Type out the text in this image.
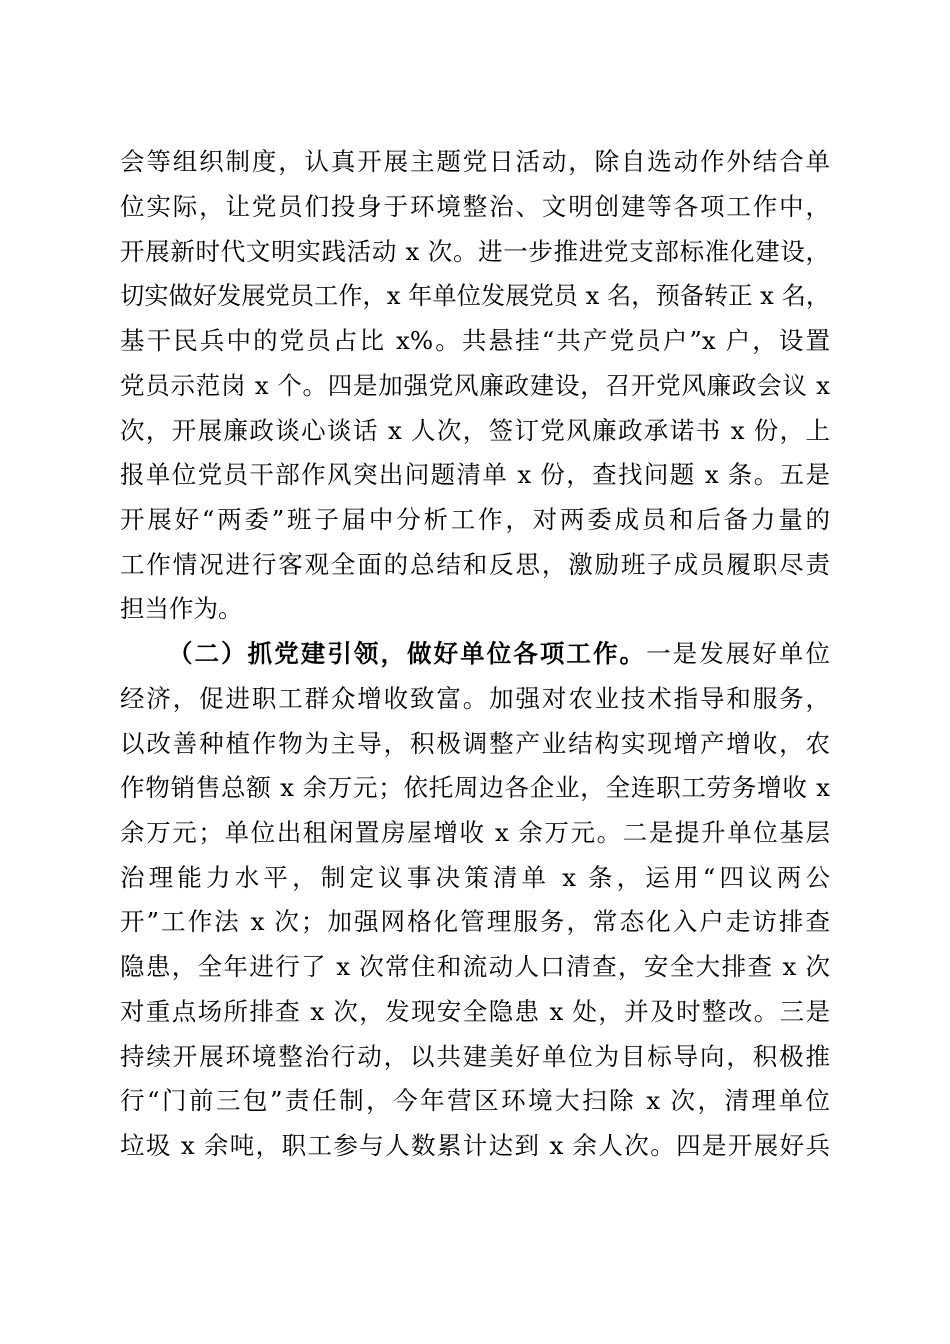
会等组织制度，认真开展主题党日活动，除自选动作外结合单
位实际，让党员们投身于环境整治、文明创建等各项工作中，
开展新时代文明实践活动 x 次。进一步推进党支部标准化建设，
切实做好发展党员工作，x 年单位发展党员 x 名，预备转正 x 名，
基干民兵中的党员占比 x%。共悬挂“共产党员户”x 户，设置
党员示范岗 x 个。四是加强党风廉政建设，召开党风廉政会议 x
次，开展廉政谈心谈话 x 人次，签订党风廉政承诺书 x 份，上
报单位党员干部作风突出问题清单 x 份，查找问题 x 条。五是
开展好“两委”班子届中分析工作，对两委成员和后备力量的
工作情况进行客观全面的总结和反思，激励班子成员履职尽责
担当作为。
（二）抓党建引领，做好单位各项工作。一是发展好单位
经济，促进职工群众增收致富。加强对农业技术指导和服务，
以改善种植作物为主导，积极调整产业结构实现增产增收，农
作物销售总额 x 余万元；依托周边各企业，全连职工劳务增收 x
余万元；单位出租闲置房屋增收 x 余万元。二是提升单位基层
治理能力水平，制定议事决策清单 x 条，运用“四议两公
开”工作法 x 次；加强网格化管理服务，常态化入户走访排查
隐患，全年进行了 x 次常住和流动人口清查，安全大排查 x 次
对重点场所排查 x 次，发现安全隐患 x 处，并及时整改。三是
持续开展环境整治行动，以共建美好单位为目标导向，积极推
行“门前三包”责任制，今年营区环境大扫除 x 次，清理单位
垃圾 x 余吨，职工参与人数累计达到 x 余人次。四是开展好兵
